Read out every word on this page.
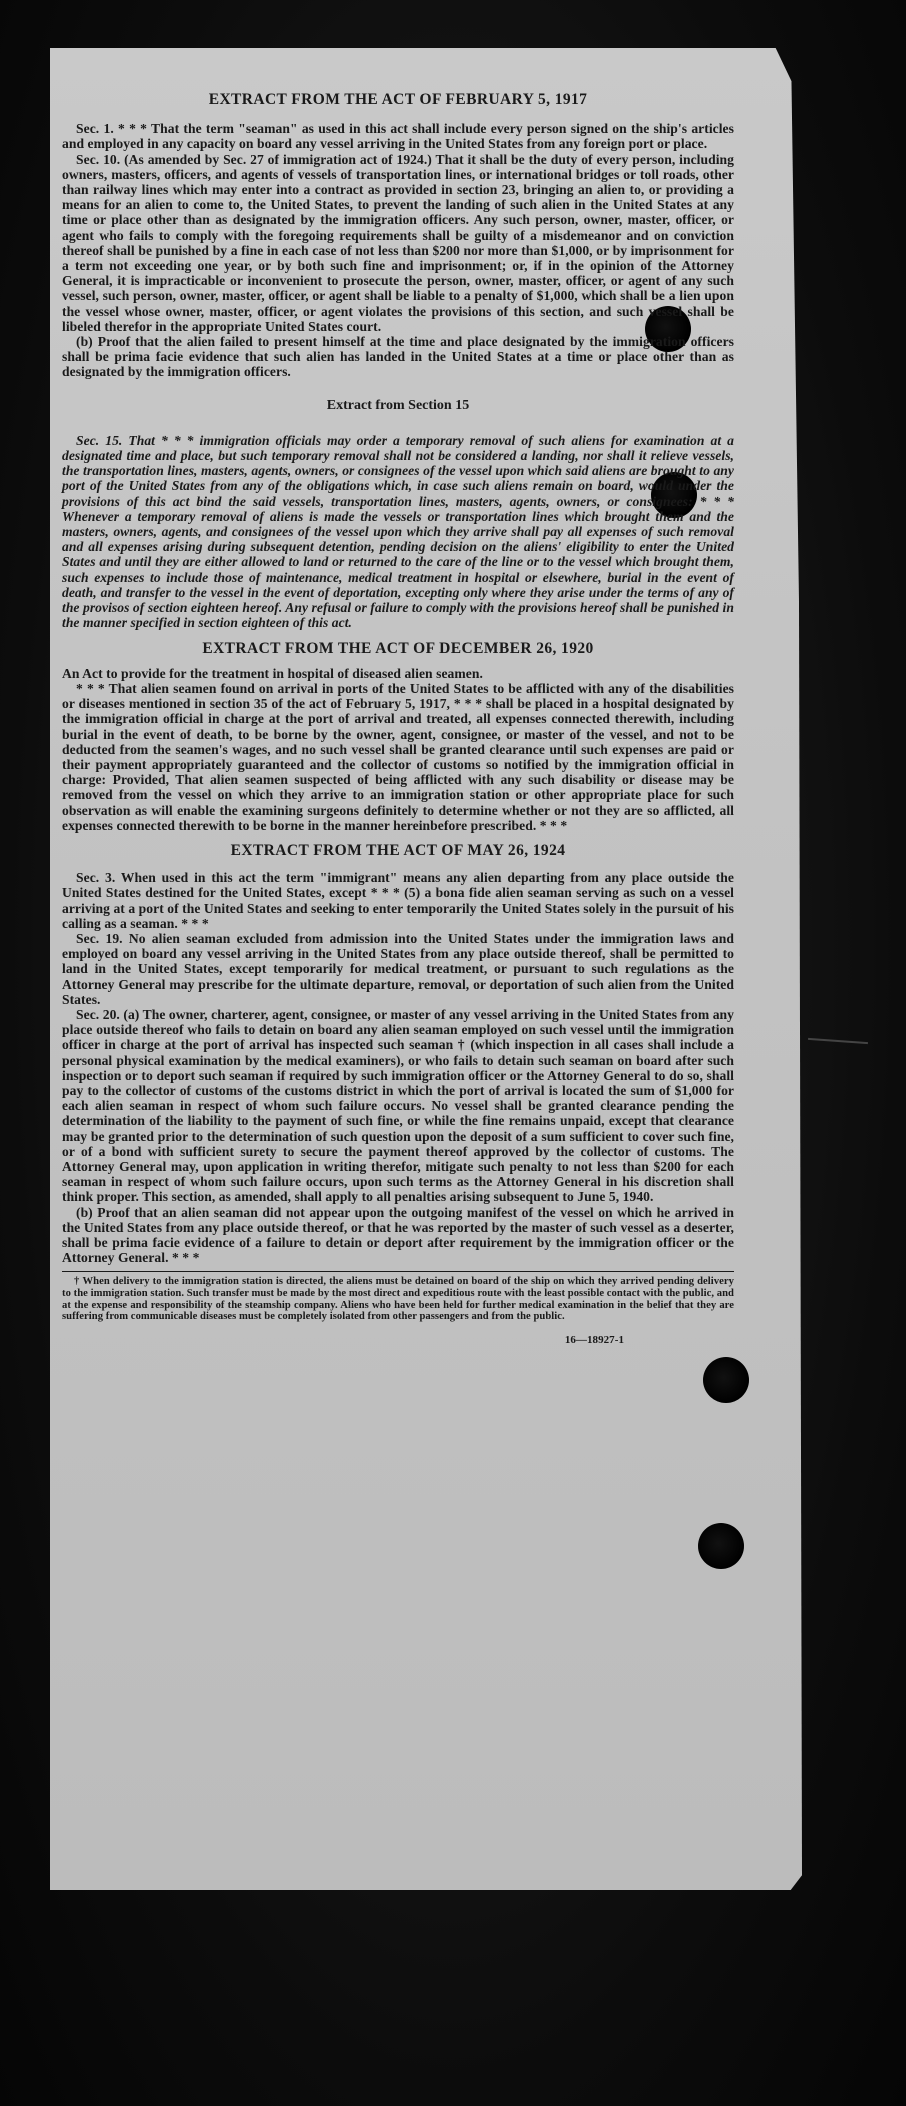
EXTRACT FROM THE ACT OF FEBRUARY 5, 1917

Sec. 1. * * * That the term "seaman" as used in this act shall include every person signed on the ship's articles and employed in any capacity on board any vessel arriving in the United States from any foreign port or place.

Sec. 10. (As amended by Sec. 27 of immigration act of 1924.) That it shall be the duty of every person, including owners, masters, officers, and agents of vessels of transportation lines, or international bridges or toll roads, other than railway lines which may enter into a contract as provided in section 23, bringing an alien to, or providing a means for an alien to come to, the United States, to prevent the landing of such alien in the United States at any time or place other than as designated by the immigration officers. Any such person, owner, master, officer, or agent who fails to comply with the foregoing requirements shall be guilty of a misdemeanor and on conviction thereof shall be punished by a fine in each case of not less than $200 nor more than $1,000, or by imprisonment for a term not exceeding one year, or by both such fine and imprisonment; or, if in the opinion of the Attorney General, it is impracticable or inconvenient to prosecute the person, owner, master, officer, or agent of any such vessel, such person, owner, master, officer, or agent shall be liable to a penalty of $1,000, which shall be a lien upon the vessel whose owner, master, officer, or agent violates the provisions of this section, and such vessel shall be libeled therefor in the appropriate United States court.

(b) Proof that the alien failed to present himself at the time and place designated by the immigration officers shall be prima facie evidence that such alien has landed in the United States at a time or place other than as designated by the immigration officers.

Extract from Section 15

Sec. 15. That * * * immigration officials may order a temporary removal of such aliens for examination at a designated time and place, but such temporary removal shall not be considered a landing, nor shall it relieve vessels, the transportation lines, masters, agents, owners, or consignees of the vessel upon which said aliens are brought to any port of the United States from any of the obligations which, in case such aliens remain on board, would under the provisions of this act bind the said vessels, transportation lines, masters, agents, owners, or consignees: * * * Whenever a temporary removal of aliens is made the vessels or transportation lines which brought them and the masters, owners, agents, and consignees of the vessel upon which they arrive shall pay all expenses of such removal and all expenses arising during subsequent detention, pending decision on the aliens' eligibility to enter the United States and until they are either allowed to land or returned to the care of the line or to the vessel which brought them, such expenses to include those of maintenance, medical treatment in hospital or elsewhere, burial in the event of death, and transfer to the vessel in the event of deportation, excepting only where they arise under the terms of any of the provisos of section eighteen hereof. Any refusal or failure to comply with the provisions hereof shall be punished in the manner specified in section eighteen of this act.

EXTRACT FROM THE ACT OF DECEMBER 26, 1920

An Act to provide for the treatment in hospital of diseased alien seamen.

* * * That alien seamen found on arrival in ports of the United States to be afflicted with any of the disabilities or diseases mentioned in section 35 of the act of February 5, 1917, * * * shall be placed in a hospital designated by the immigration official in charge at the port of arrival and treated, all expenses connected therewith, including burial in the event of death, to be borne by the owner, agent, consignee, or master of the vessel, and not to be deducted from the seamen's wages, and no such vessel shall be granted clearance until such expenses are paid or their payment appropriately guaranteed and the collector of customs so notified by the immigration official in charge: Provided, That alien seamen suspected of being afflicted with any such disability or disease may be removed from the vessel on which they arrive to an immigration station or other appropriate place for such observation as will enable the examining surgeons definitely to determine whether or not they are so afflicted, all expenses connected therewith to be borne in the manner hereinbefore prescribed. * * *

EXTRACT FROM THE ACT OF MAY 26, 1924

Sec. 3. When used in this act the term "immigrant" means any alien departing from any place outside the United States destined for the United States, except * * * (5) a bona fide alien seaman serving as such on a vessel arriving at a port of the United States and seeking to enter temporarily the United States solely in the pursuit of his calling as a seaman. * * *

Sec. 19. No alien seaman excluded from admission into the United States under the immigration laws and employed on board any vessel arriving in the United States from any place outside thereof, shall be permitted to land in the United States, except temporarily for medical treatment, or pursuant to such regulations as the Attorney General may prescribe for the ultimate departure, removal, or deportation of such alien from the United States.

Sec. 20. (a) The owner, charterer, agent, consignee, or master of any vessel arriving in the United States from any place outside thereof who fails to detain on board any alien seaman employed on such vessel until the immigration officer in charge at the port of arrival has inspected such seaman † (which inspection in all cases shall include a personal physical examination by the medical examiners), or who fails to detain such seaman on board after such inspection or to deport such seaman if required by such immigration officer or the Attorney General to do so, shall pay to the collector of customs of the customs district in which the port of arrival is located the sum of $1,000 for each alien seaman in respect of whom such failure occurs. No vessel shall be granted clearance pending the determination of the liability to the payment of such fine, or while the fine remains unpaid, except that clearance may be granted prior to the determination of such question upon the deposit of a sum sufficient to cover such fine, or of a bond with sufficient surety to secure the payment thereof approved by the collector of customs. The Attorney General may, upon application in writing therefor, mitigate such penalty to not less than $200 for each seaman in respect of whom such failure occurs, upon such terms as the Attorney General in his discretion shall think proper. This section, as amended, shall apply to all penalties arising subsequent to June 5, 1940.

(b) Proof that an alien seaman did not appear upon the outgoing manifest of the vessel on which he arrived in the United States from any place outside thereof, or that he was reported by the master of such vessel as a deserter, shall be prima facie evidence of a failure to detain or deport after requirement by the immigration officer or the Attorney General. * * *

† When delivery to the immigration station is directed, the aliens must be detained on board of the ship on which they arrived pending delivery to the immigration station. Such transfer must be made by the most direct and expeditious route with the least possible contact with the public, and at the expense and responsibility of the steamship company. Aliens who have been held for further medical examination in the belief that they are suffering from communicable diseases must be completely isolated from other passengers and from the public.

16—18927-1
